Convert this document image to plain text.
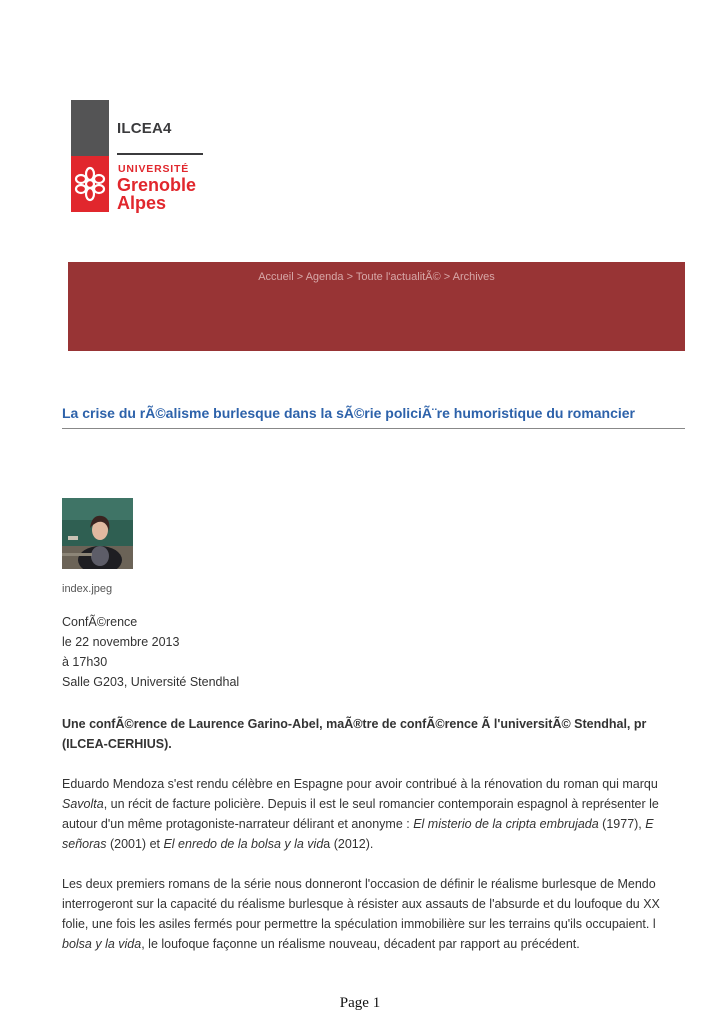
ILCEA4
UNIVERSITÉ
Grenoble
Alpes
Accueil > Agenda > Toute l'actualitÃ© > Archives
La crise du rÃ©alisme burlesque dans la sÃ©rie policiÃ¨re humoristique du romancier
index.jpeg
ConfÃ©rence
le 22 novembre 2013
à 17h30
Salle G203, Université Stendhal
Une confÃ©rence de Laurence Garino-Abel, maÃ®tre de confÃ©rence Ã l'universitÃ© Stendhal, pr
(ILCEA-CERHIUS).
Eduardo Mendoza s'est rendu célèbre en Espagne pour avoir contribué à la rénovation du roman qui marqu
Savolta, un récit de facture policière. Depuis il est le seul romancier contemporain espagnol à représenter le
autour d'un même protagoniste-narrateur délirant et anonyme : El misterio de la cripta embrujada (1977), E
señoras (2001) et El enredo de la bolsa y la vida (2012).
Les deux premiers romans de la série nous donneront l'occasion de définir le réalisme burlesque de Mendo
interrogeront sur la capacité du réalisme burlesque à résister aux assauts de l'absurde et du loufoque du XX
folie, une fois les asiles fermés pour permettre la spéculation immobilière sur les terrains qu'ils occupaient. l
bolsa y la vida, le loufoque façonne un réalisme nouveau, décadent par rapport au précédent.
Page 1
